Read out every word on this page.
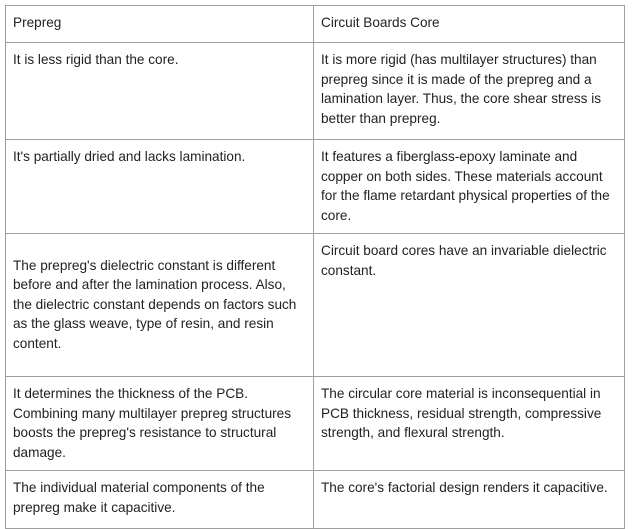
Prepreg	Circuit Boards Core
It is less rigid than the core.	It is more rigid (has multilayer structures) than prepreg since it is made of the prepreg and a lamination layer. Thus, the core shear stress is better than prepreg.
It's partially dried and lacks lamination.	It features a fiberglass-epoxy laminate and copper on both sides. These materials account for the flame retardant physical properties of the core.
The prepreg's dielectric constant is different before and after the lamination process. Also, the dielectric constant depends on factors such as the glass weave, type of resin, and resin content.	Circuit board cores have an invariable dielectric constant.
It determines the thickness of the PCB. Combining many multilayer prepreg structures boosts the prepreg's resistance to structural damage.	The circular core material is inconsequential in PCB thickness, residual strength, compressive strength, and flexural strength.
The individual material components of the prepreg make it capacitive.	The core's factorial design renders it capacitive.
